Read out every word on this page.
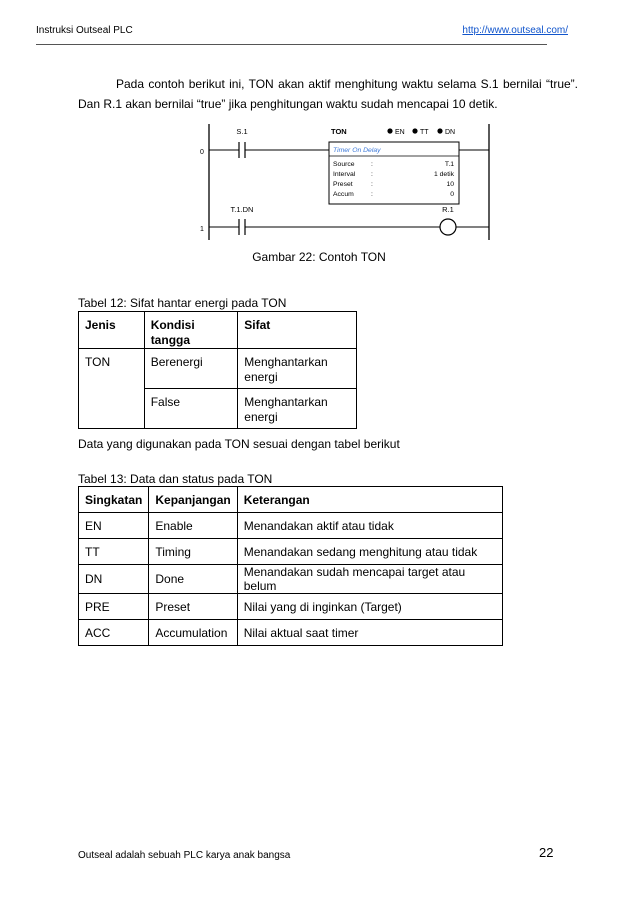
Instruksi Outseal PLC	http://www.outseal.com/
Pada contoh berikut ini, TON akan aktif menghitung waktu selama S.1 bernilai “true”. Dan R.1 akan bernilai “true” jika penghitungan waktu sudah mencapai 10 detik.
0
1
S.1	TON	EN TT DN
Timer On Delay
Source :	T.1
Interval :	1 detik
Preset	:	10
Accum	:	0
T.1.DN	R.1
Gambar 22: Contoh TON
Tabel 12: Sifat hantar energi pada TON
Jenis	Kondisi tangga	Sifat
TON	Berenergi	Menghantarkan energi
	False	Menghantarkan energi
Data yang digunakan pada TON sesuai dengan tabel berikut
Tabel 13: Data dan status pada TON
Singkatan	Kepanjangan	Keterangan
EN	Enable	Menandakan aktif atau tidak
TT	Timing	Menandakan sedang menghitung atau tidak
DN	Done	Menandakan sudah mencapai target atau belum
PRE	Preset	Nilai yang di inginkan (Target)
ACC	Accumulation	Nilai aktual saat timer
Outseal adalah sebuah PLC karya anak bangsa	22
